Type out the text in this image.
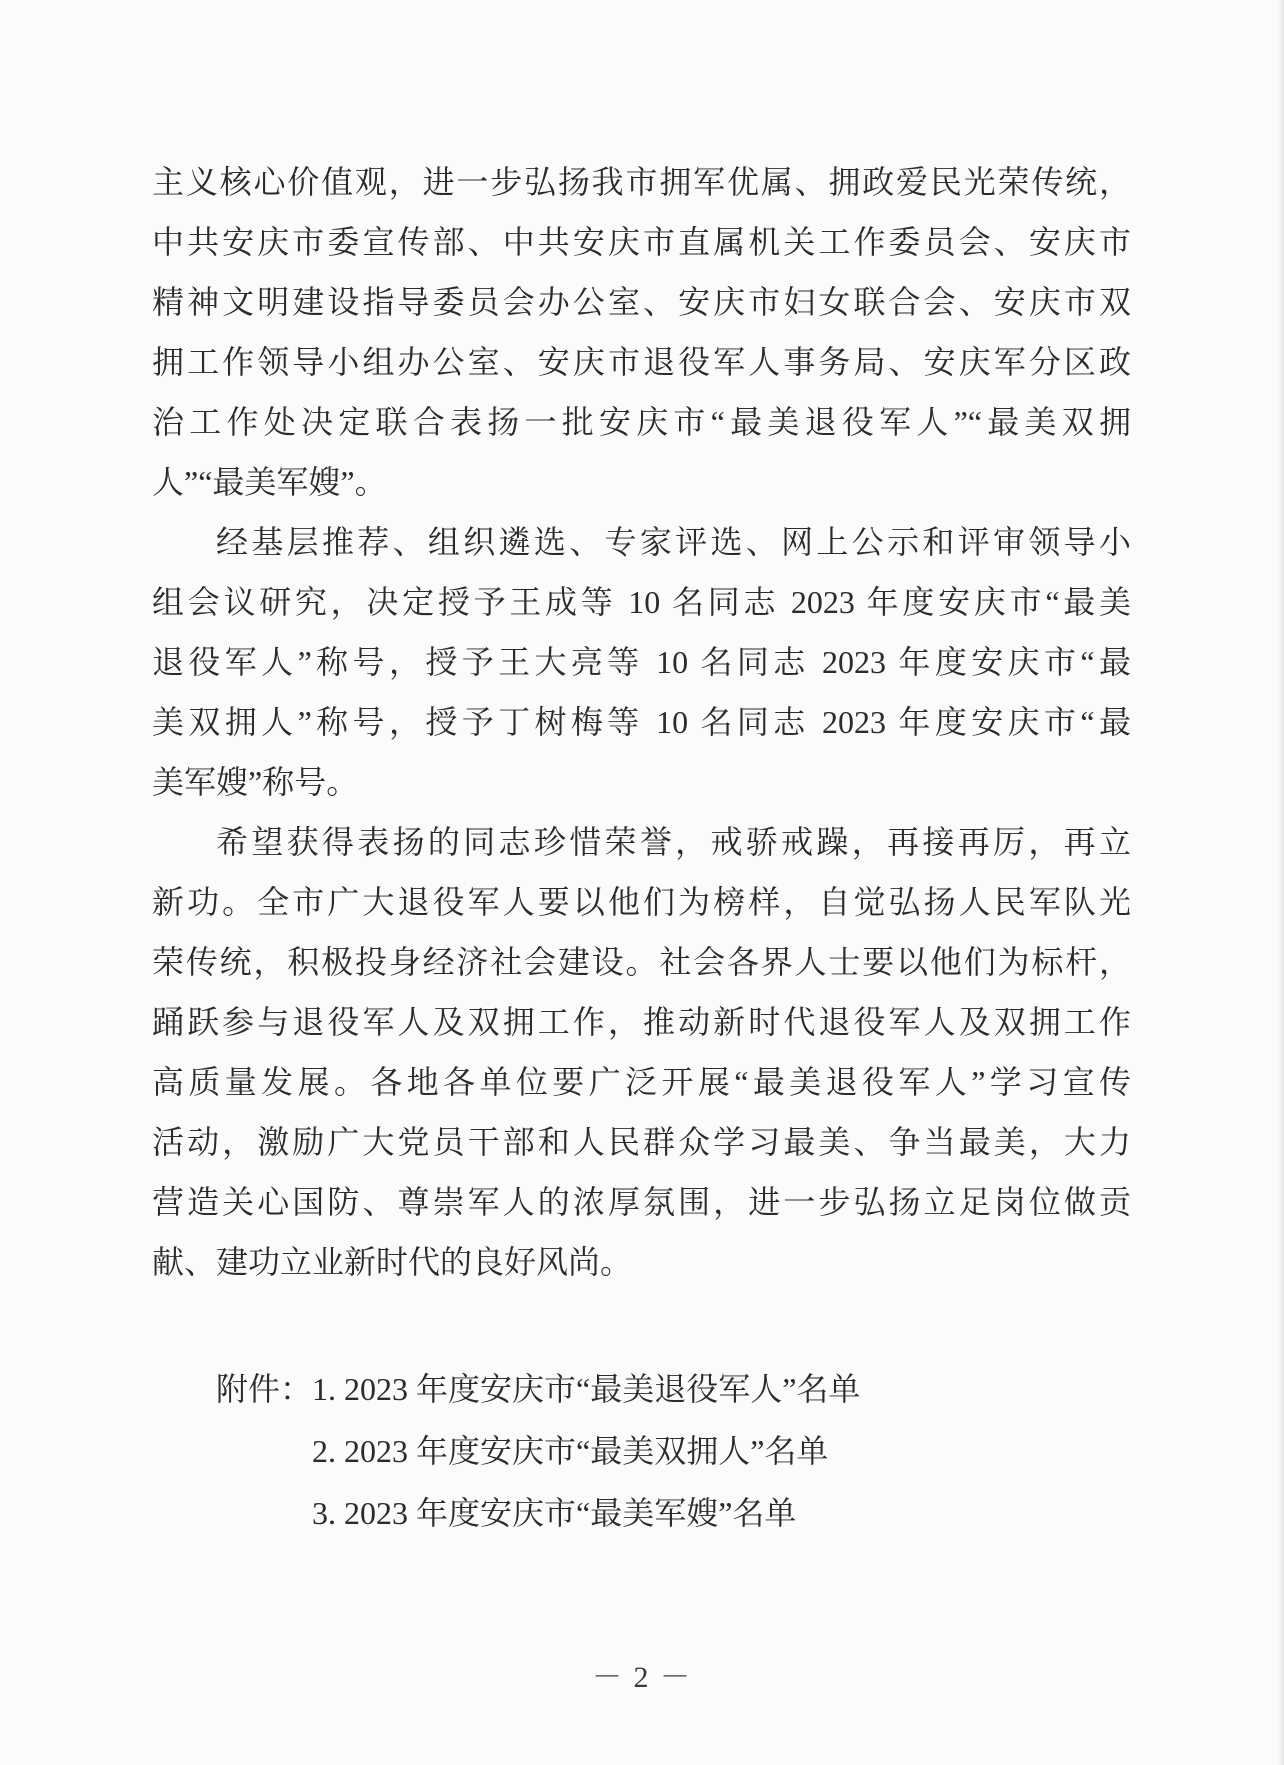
主义核心价值观，进一步弘扬我市拥军优属、拥政爱民光荣传统，
中共安庆市委宣传部、中共安庆市直属机关工作委员会、安庆市
精神文明建设指导委员会办公室、安庆市妇女联合会、安庆市双
拥工作领导小组办公室、安庆市退役军人事务局、安庆军分区政
治工作处决定联合表扬一批安庆市“最美退役军人”“最美双拥
人”“最美军嫂”。
经基层推荐、组织遴选、专家评选、网上公示和评审领导小
组会议研究，决定授予王成等 10 名同志 2023 年度安庆市“最美
退役军人”称号，授予王大亮等 10 名同志 2023 年度安庆市“最
美双拥人”称号，授予丁树梅等 10 名同志 2023 年度安庆市“最
美军嫂”称号。
希望获得表扬的同志珍惜荣誉，戒骄戒躁，再接再厉，再立
新功。全市广大退役军人要以他们为榜样，自觉弘扬人民军队光
荣传统，积极投身经济社会建设。社会各界人士要以他们为标杆，
踊跃参与退役军人及双拥工作，推动新时代退役军人及双拥工作
高质量发展。各地各单位要广泛开展“最美退役军人”学习宣传
活动，激励广大党员干部和人民群众学习最美、争当最美，大力
营造关心国防、尊崇军人的浓厚氛围，进一步弘扬立足岗位做贡
献、建功立业新时代的良好风尚。
附件：1. 2023 年度安庆市“最美退役军人”名单
2. 2023 年度安庆市“最美双拥人”名单
3. 2023 年度安庆市“最美军嫂”名单
－ 2 －
